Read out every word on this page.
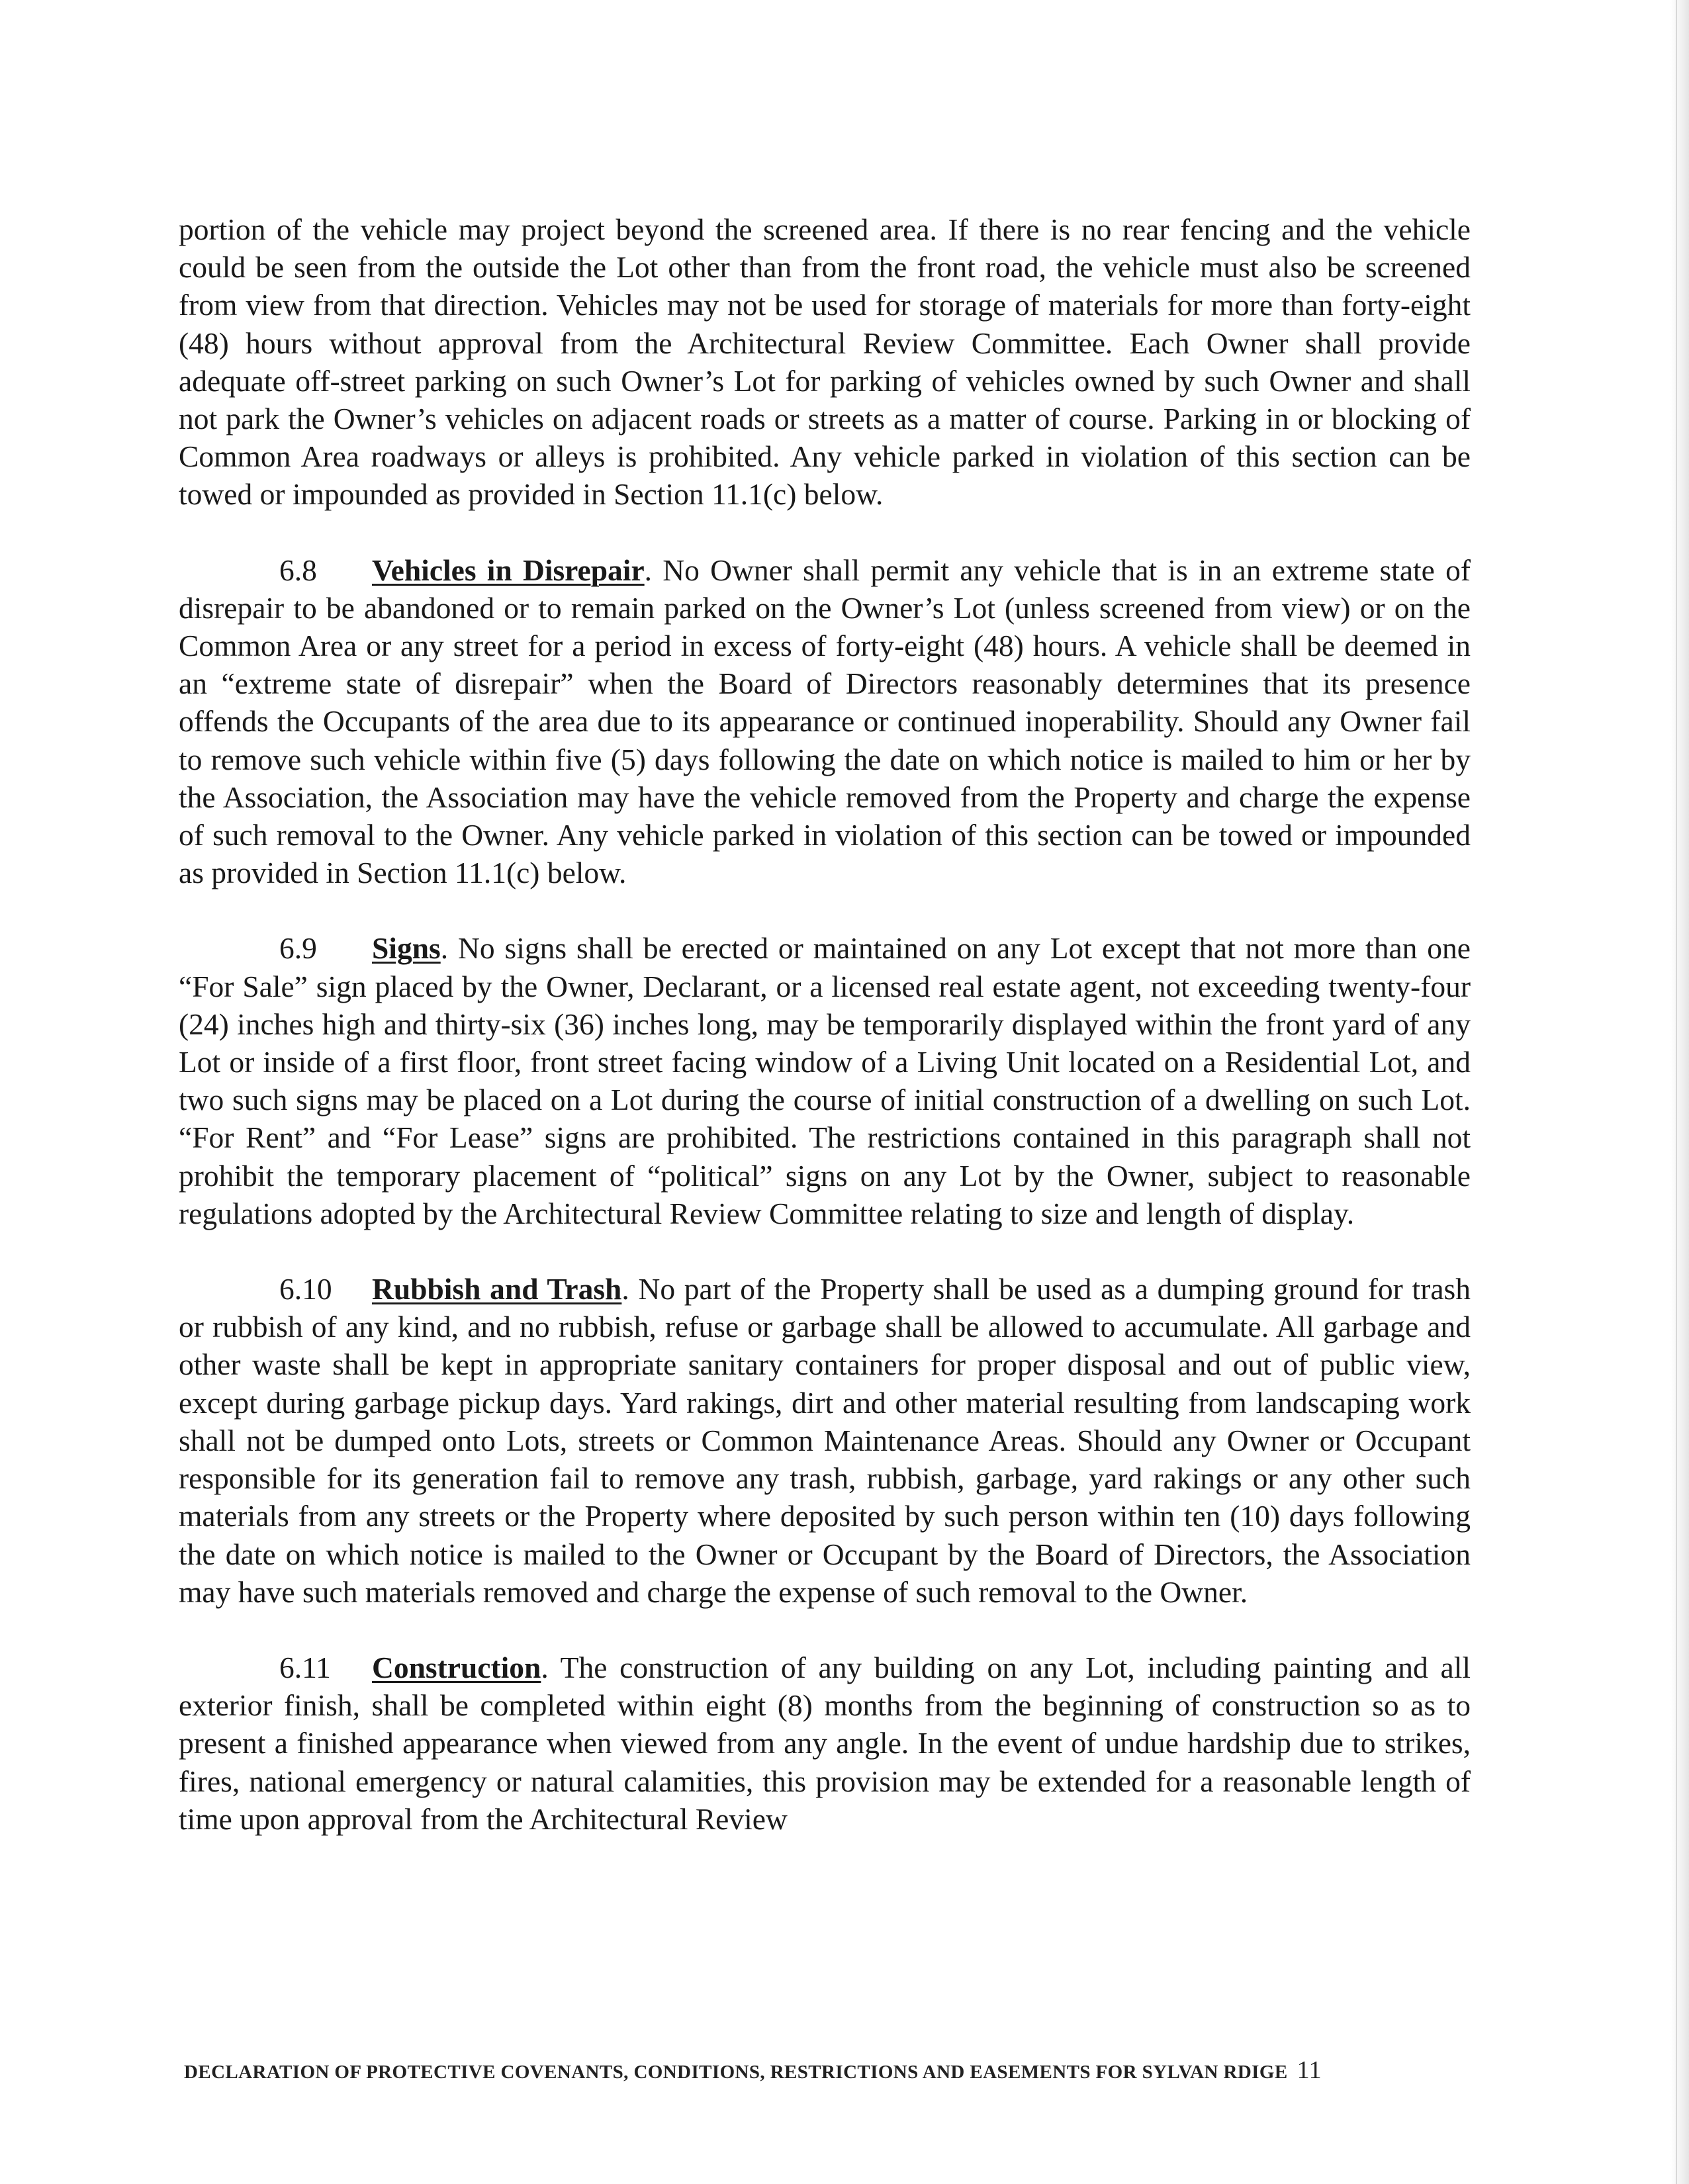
portion of the vehicle may project beyond the screened area. If there is no rear fencing and the vehicle could be seen from the outside the Lot other than from the front road, the vehicle must also be screened from view from that direction. Vehicles may not be used for storage of materials for more than forty-eight (48) hours without approval from the Architectural Review Committee. Each Owner shall provide adequate off-street parking on such Owner’s Lot for parking of vehicles owned by such Owner and shall not park the Owner’s vehicles on adjacent roads or streets as a matter of course. Parking in or blocking of Common Area roadways or alleys is prohibited. Any vehicle parked in violation of this section can be towed or impounded as provided in Section 11.1(c) below.

6.8 Vehicles in Disrepair. No Owner shall permit any vehicle that is in an extreme state of disrepair to be abandoned or to remain parked on the Owner’s Lot (unless screened from view) or on the Common Area or any street for a period in excess of forty-eight (48) hours. A vehicle shall be deemed in an “extreme state of disrepair” when the Board of Directors reasonably determines that its presence offends the Occupants of the area due to its appearance or continued inoperability. Should any Owner fail to remove such vehicle within five (5) days following the date on which notice is mailed to him or her by the Association, the Association may have the vehicle removed from the Property and charge the expense of such removal to the Owner. Any vehicle parked in violation of this section can be towed or impounded as provided in Section 11.1(c) below.

6.9 Signs. No signs shall be erected or maintained on any Lot except that not more than one “For Sale” sign placed by the Owner, Declarant, or a licensed real estate agent, not exceeding twenty-four (24) inches high and thirty-six (36) inches long, may be temporarily displayed within the front yard of any Lot or inside of a first floor, front street facing window of a Living Unit located on a Residential Lot, and two such signs may be placed on a Lot during the course of initial construction of a dwelling on such Lot. “For Rent” and “For Lease” signs are prohibited. The restrictions contained in this paragraph shall not prohibit the temporary placement of “political” signs on any Lot by the Owner, subject to reasonable regulations adopted by the Architectural Review Committee relating to size and length of display.

6.10 Rubbish and Trash. No part of the Property shall be used as a dumping ground for trash or rubbish of any kind, and no rubbish, refuse or garbage shall be allowed to accumulate. All garbage and other waste shall be kept in appropriate sanitary containers for proper disposal and out of public view, except during garbage pickup days. Yard rakings, dirt and other material resulting from landscaping work shall not be dumped onto Lots, streets or Common Maintenance Areas. Should any Owner or Occupant responsible for its generation fail to remove any trash, rubbish, garbage, yard rakings or any other such materials from any streets or the Property where deposited by such person within ten (10) days following the date on which notice is mailed to the Owner or Occupant by the Board of Directors, the Association may have such materials removed and charge the expense of such removal to the Owner.

6.11 Construction. The construction of any building on any Lot, including painting and all exterior finish, shall be completed within eight (8) months from the beginning of construction so as to present a finished appearance when viewed from any angle. In the event of undue hardship due to strikes, fires, national emergency or natural calamities, this provision may be extended for a reasonable length of time upon approval from the Architectural Review

DECLARATION OF PROTECTIVE COVENANTS, CONDITIONS, RESTRICTIONS AND EASEMENTS FOR SYLVAN RDIGE 11
